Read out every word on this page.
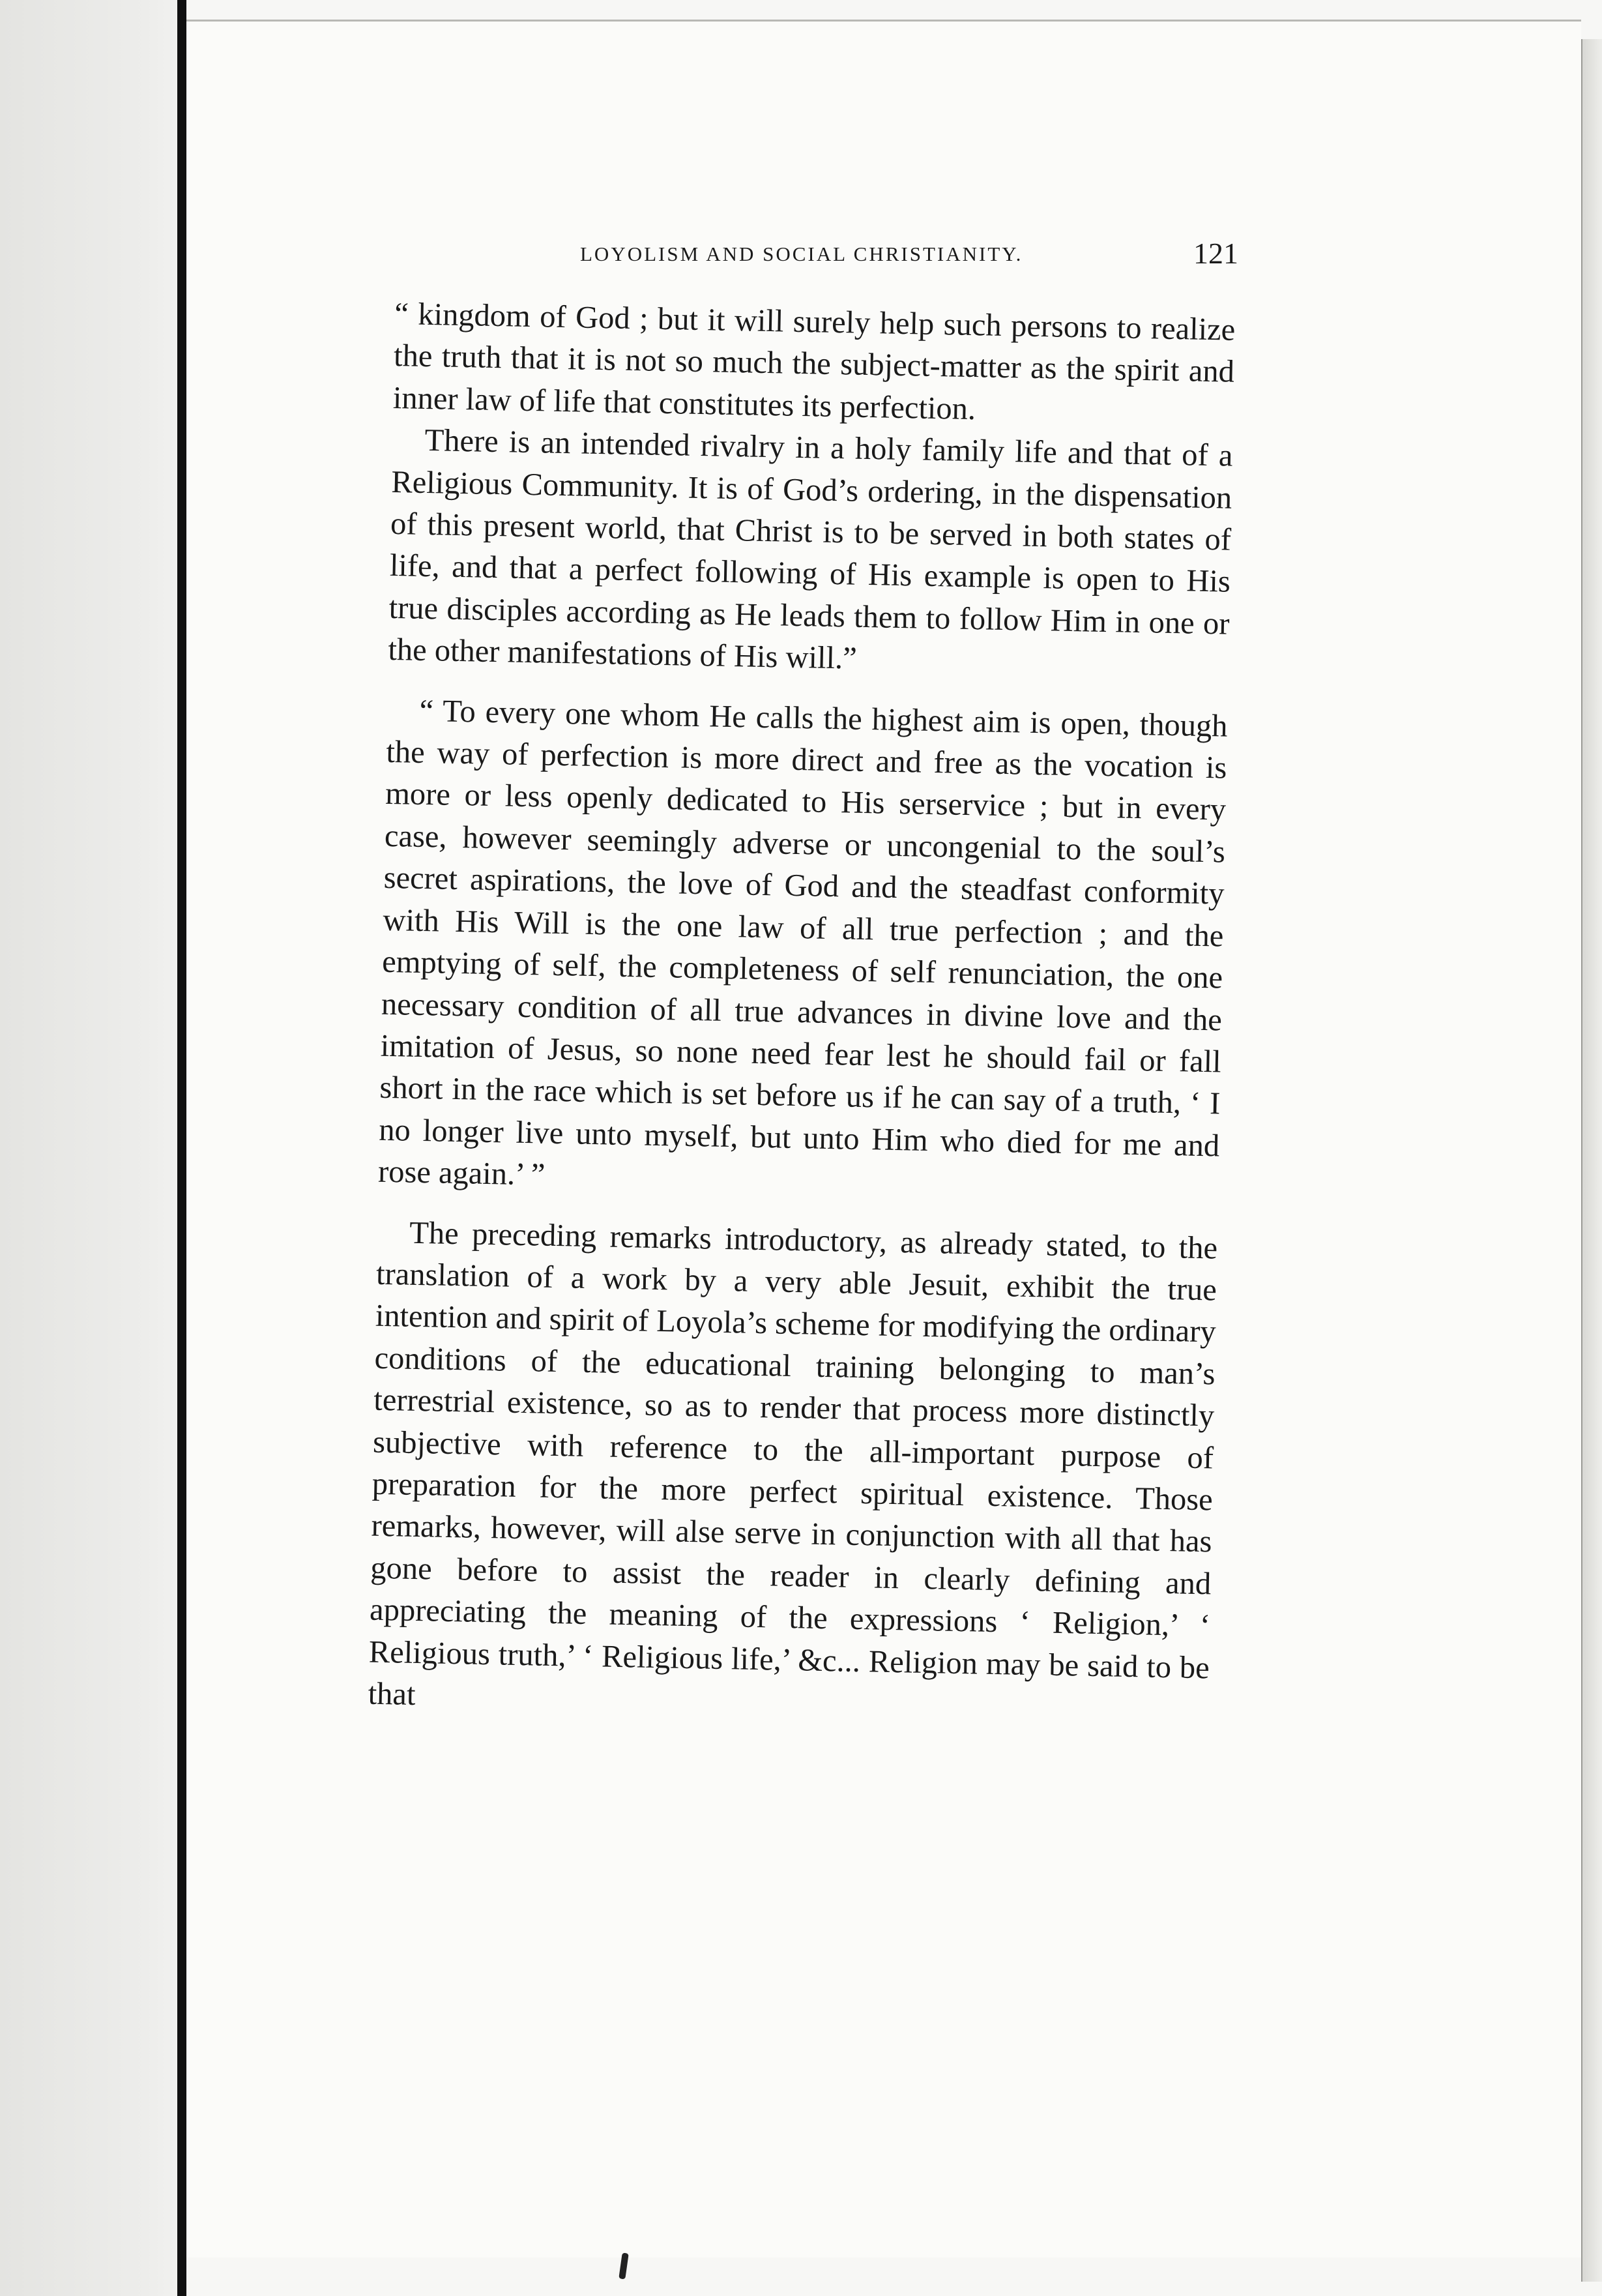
LOYOLISM AND SOCIAL CHRISTIANITY.	121

“ kingdom of God ; but it will surely help such persons to realize the truth that it is not so much the subject-matter as the spirit and inner law of life that constitutes its perfection.

There is an intended rivalry in a holy family life and that of a Religious Community. It is of God’s ordering, in the dispensation of this present world, that Christ is to be served in both states of life, and that a perfect following of His example is open to His true disciples according as He leads them to follow Him in one or the other manifestations of His will.”

“ To every one whom He calls the highest aim is open, though the way of perfection is more direct and free as the vocation is more or less openly dedicated to His serservice ; but in every case, however seemingly adverse or uncongenial to the soul’s secret aspirations, the love of God and the steadfast conformity with His Will is the one law of all true perfection ; and the emptying of self, the completeness of self renunciation, the one necessary condition of all true advances in divine love and the imitation of Jesus, so none need fear lest he should fail or fall short in the race which is set before us if he can say of a truth, ‘ I no longer live unto myself, but unto Him who died for me and rose again.’ ”

The preceding remarks introductory, as already stated, to the translation of a work by a very able Jesuit, exhibit the true intention and spirit of Loyola’s scheme for modifying the ordinary conditions of the educational training belonging to man’s terrestrial existence, so as to render that process more distinctly subjective with reference to the all-important purpose of preparation for the more perfect spiritual existence. Those remarks, however, will alse serve in conjunction with all that has gone before to assist the reader in clearly defining and appreciating the meaning of the expressions ‘ Religion,’ ‘ Religious truth,’ ‘ Religious life,’ &c... Religion may be said to be that
